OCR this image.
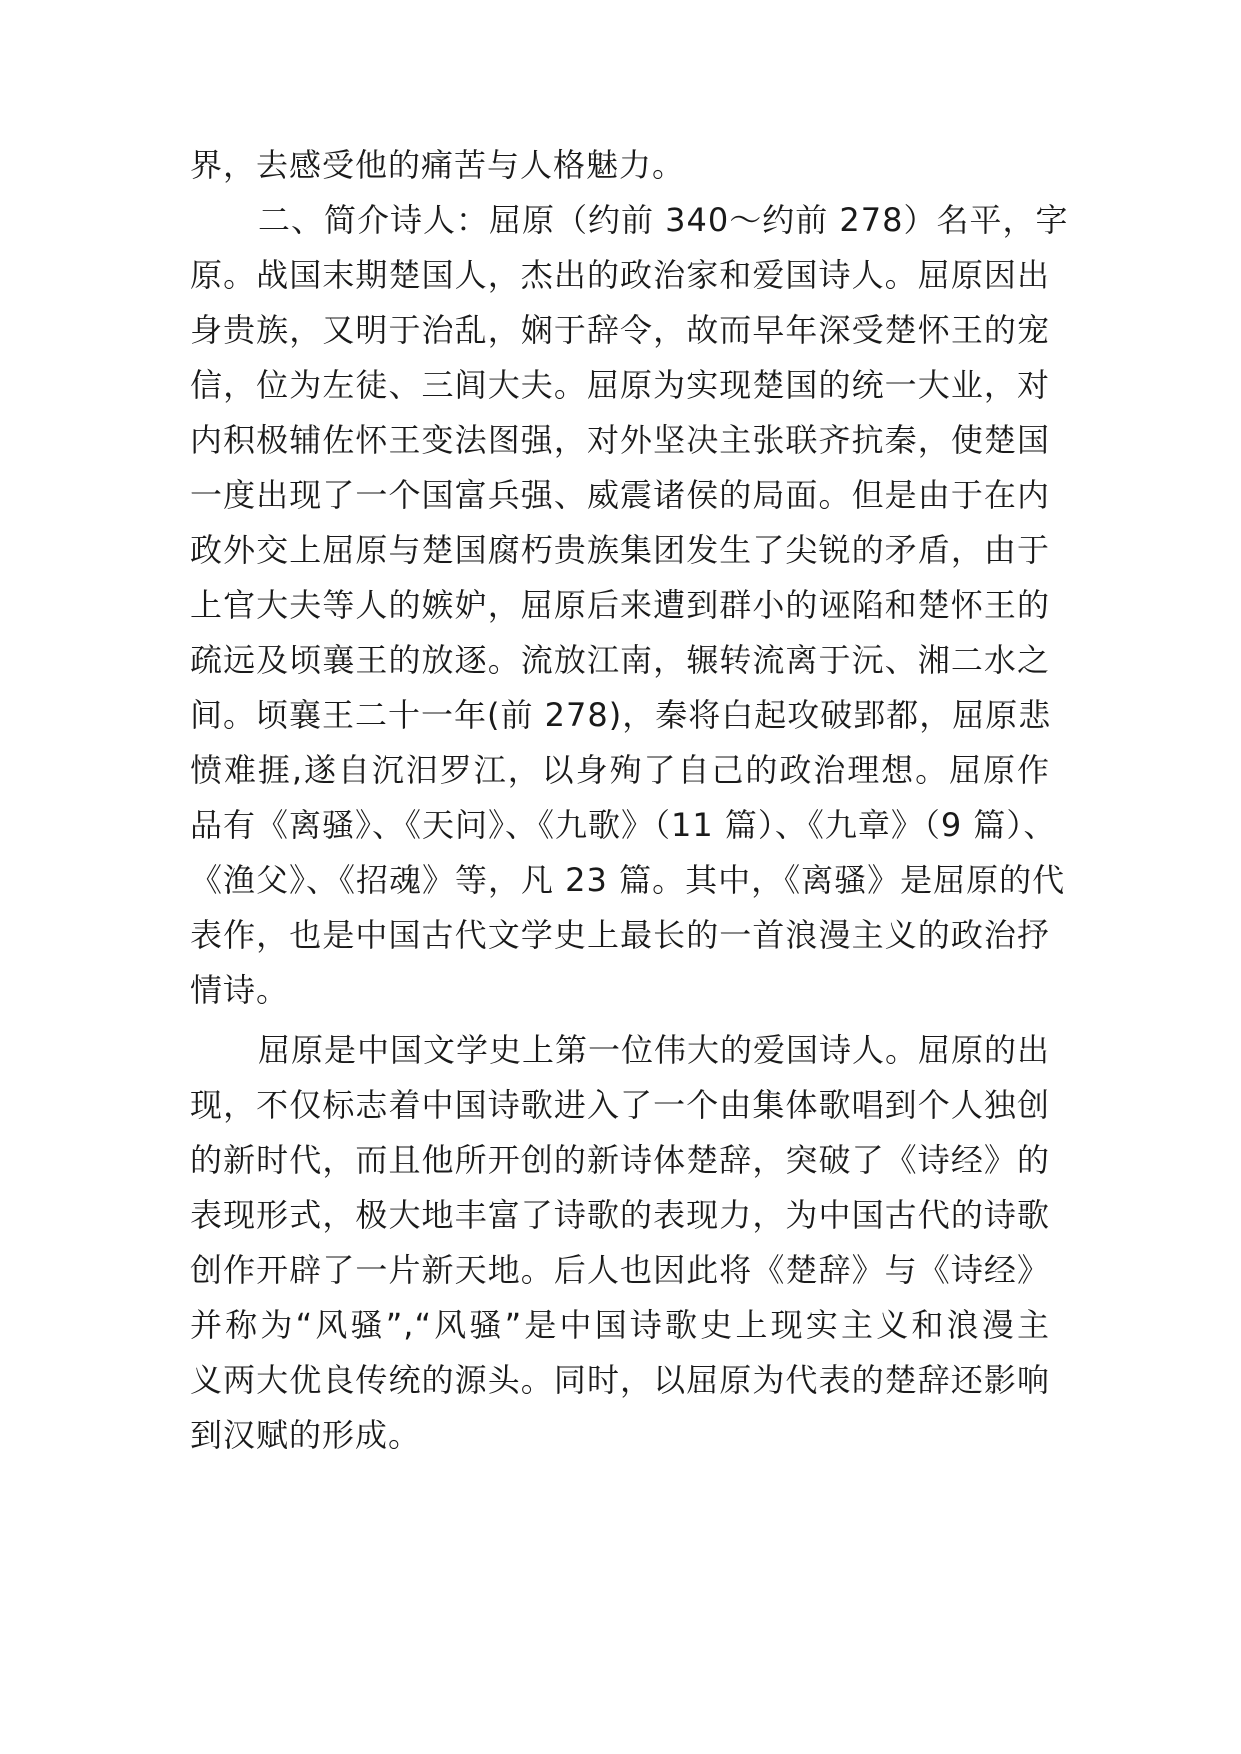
界，去感受他的痛苦与人格魅力。
二、简介诗人：屈原（约前 340～约前 278）名平，字
原。战国末期楚国人，杰出的政治家和爱国诗人。屈原因出
身贵族，又明于治乱，娴于辞令，故而早年深受楚怀王的宠
信，位为左徒、三闾大夫。屈原为实现楚国的统一大业，对
内积极辅佐怀王变法图强，对外坚决主张联齐抗秦，使楚国
一度出现了一个国富兵强、威震诸侯的局面。但是由于在内
政外交上屈原与楚国腐朽贵族集团发生了尖锐的矛盾，由于
上官大夫等人的嫉妒，屈原后来遭到群小的诬陷和楚怀王的
疏远及顷襄王的放逐。流放江南，辗转流离于沅、湘二水之
间。顷襄王二十一年(前 278)，秦将白起攻破郢都，屈原悲
愤难捱,遂自沉汨罗江，以身殉了自己的政治理想。屈原作
品有《离骚》、《天问》、《九歌》（11 篇）、《九章》（9 篇）、
《渔父》、《招魂》等，凡 23 篇。其中，《离骚》是屈原的代
表作，也是中国古代文学史上最长的一首浪漫主义的政治抒
情诗。
屈原是中国文学史上第一位伟大的爱国诗人。屈原的出
现，不仅标志着中国诗歌进入了一个由集体歌唱到个人独创
的新时代，而且他所开创的新诗体楚辞，突破了《诗经》的
表现形式，极大地丰富了诗歌的表现力，为中国古代的诗歌
创作开辟了一片新天地。后人也因此将《楚辞》与《诗经》
并称为“风骚”,“风骚”是中国诗歌史上现实主义和浪漫主
义两大优良传统的源头。同时，以屈原为代表的楚辞还影响
到汉赋的形成。
